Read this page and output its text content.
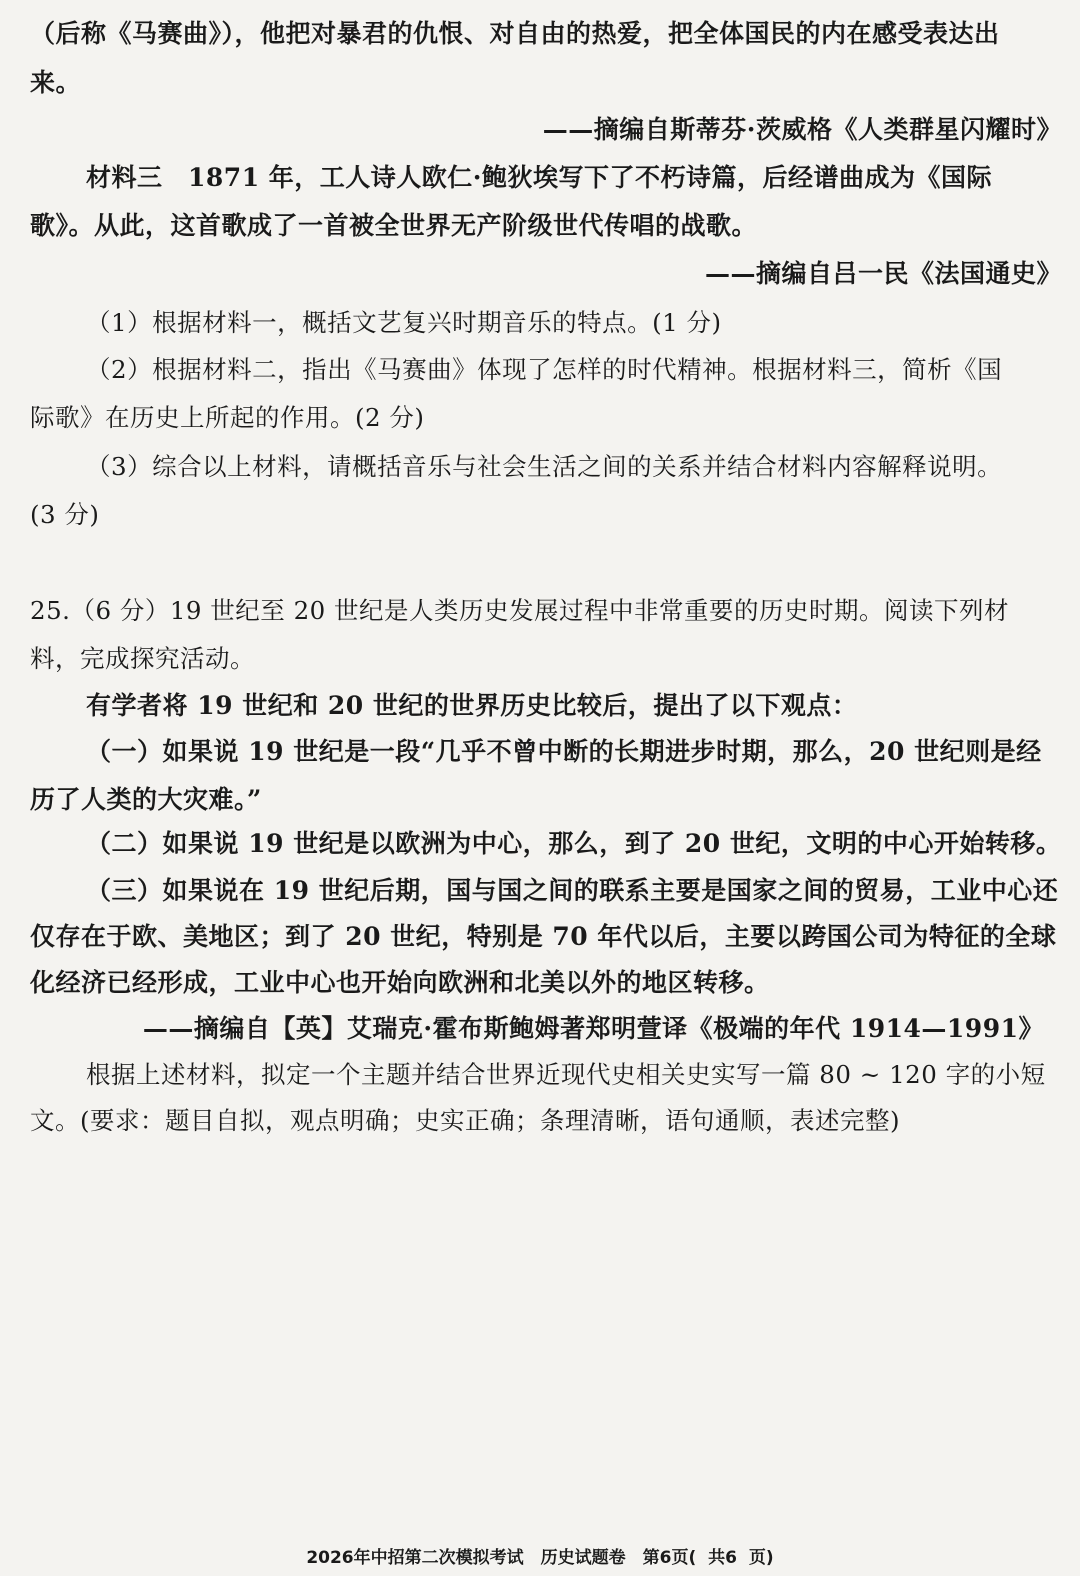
（后称《马赛曲》），他把对暴君的仇恨、对自由的热爱，把全体国民的内在感受表达出
来。
——摘编自斯蒂芬·茨威格《人类群星闪耀时》
材料三　1871 年，工人诗人欧仁·鲍狄埃写下了不朽诗篇，后经谱曲成为《国际
歌》。从此，这首歌成了一首被全世界无产阶级世代传唱的战歌。
——摘编自吕一民《法国通史》
（1）根据材料一，概括文艺复兴时期音乐的特点。(1 分)
（2）根据材料二，指出《马赛曲》体现了怎样的时代精神。根据材料三，简析《国
际歌》在历史上所起的作用。(2 分)
（3）综合以上材料，请概括音乐与社会生活之间的关系并结合材料内容解释说明。
(3 分)
25.（6 分）19 世纪至 20 世纪是人类历史发展过程中非常重要的历史时期。阅读下列材
料，完成探究活动。
有学者将 19 世纪和 20 世纪的世界历史比较后，提出了以下观点：
（一）如果说 19 世纪是一段“几乎不曾中断的长期进步时期，那么，20 世纪则是经
历了人类的大灾难。”
（二）如果说 19 世纪是以欧洲为中心，那么，到了 20 世纪，文明的中心开始转移。
（三）如果说在 19 世纪后期，国与国之间的联系主要是国家之间的贸易，工业中心还
仅存在于欧、美地区；到了 20 世纪，特别是 70 年代以后，主要以跨国公司为特征的全球
化经济已经形成，工业中心也开始向欧洲和北美以外的地区转移。
——摘编自【英】艾瑞克·霍布斯鲍姆著郑明萱译《极端的年代 1914—1991》
根据上述材料，拟定一个主题并结合世界近现代史相关史实写一篇 80 ~ 120 字的小短
文。(要求：题目自拟，观点明确；史实正确；条理清晰，语句通顺，表述完整)
2026年中招第二次模拟考试　历史试题卷　第6页( 共6 页)
